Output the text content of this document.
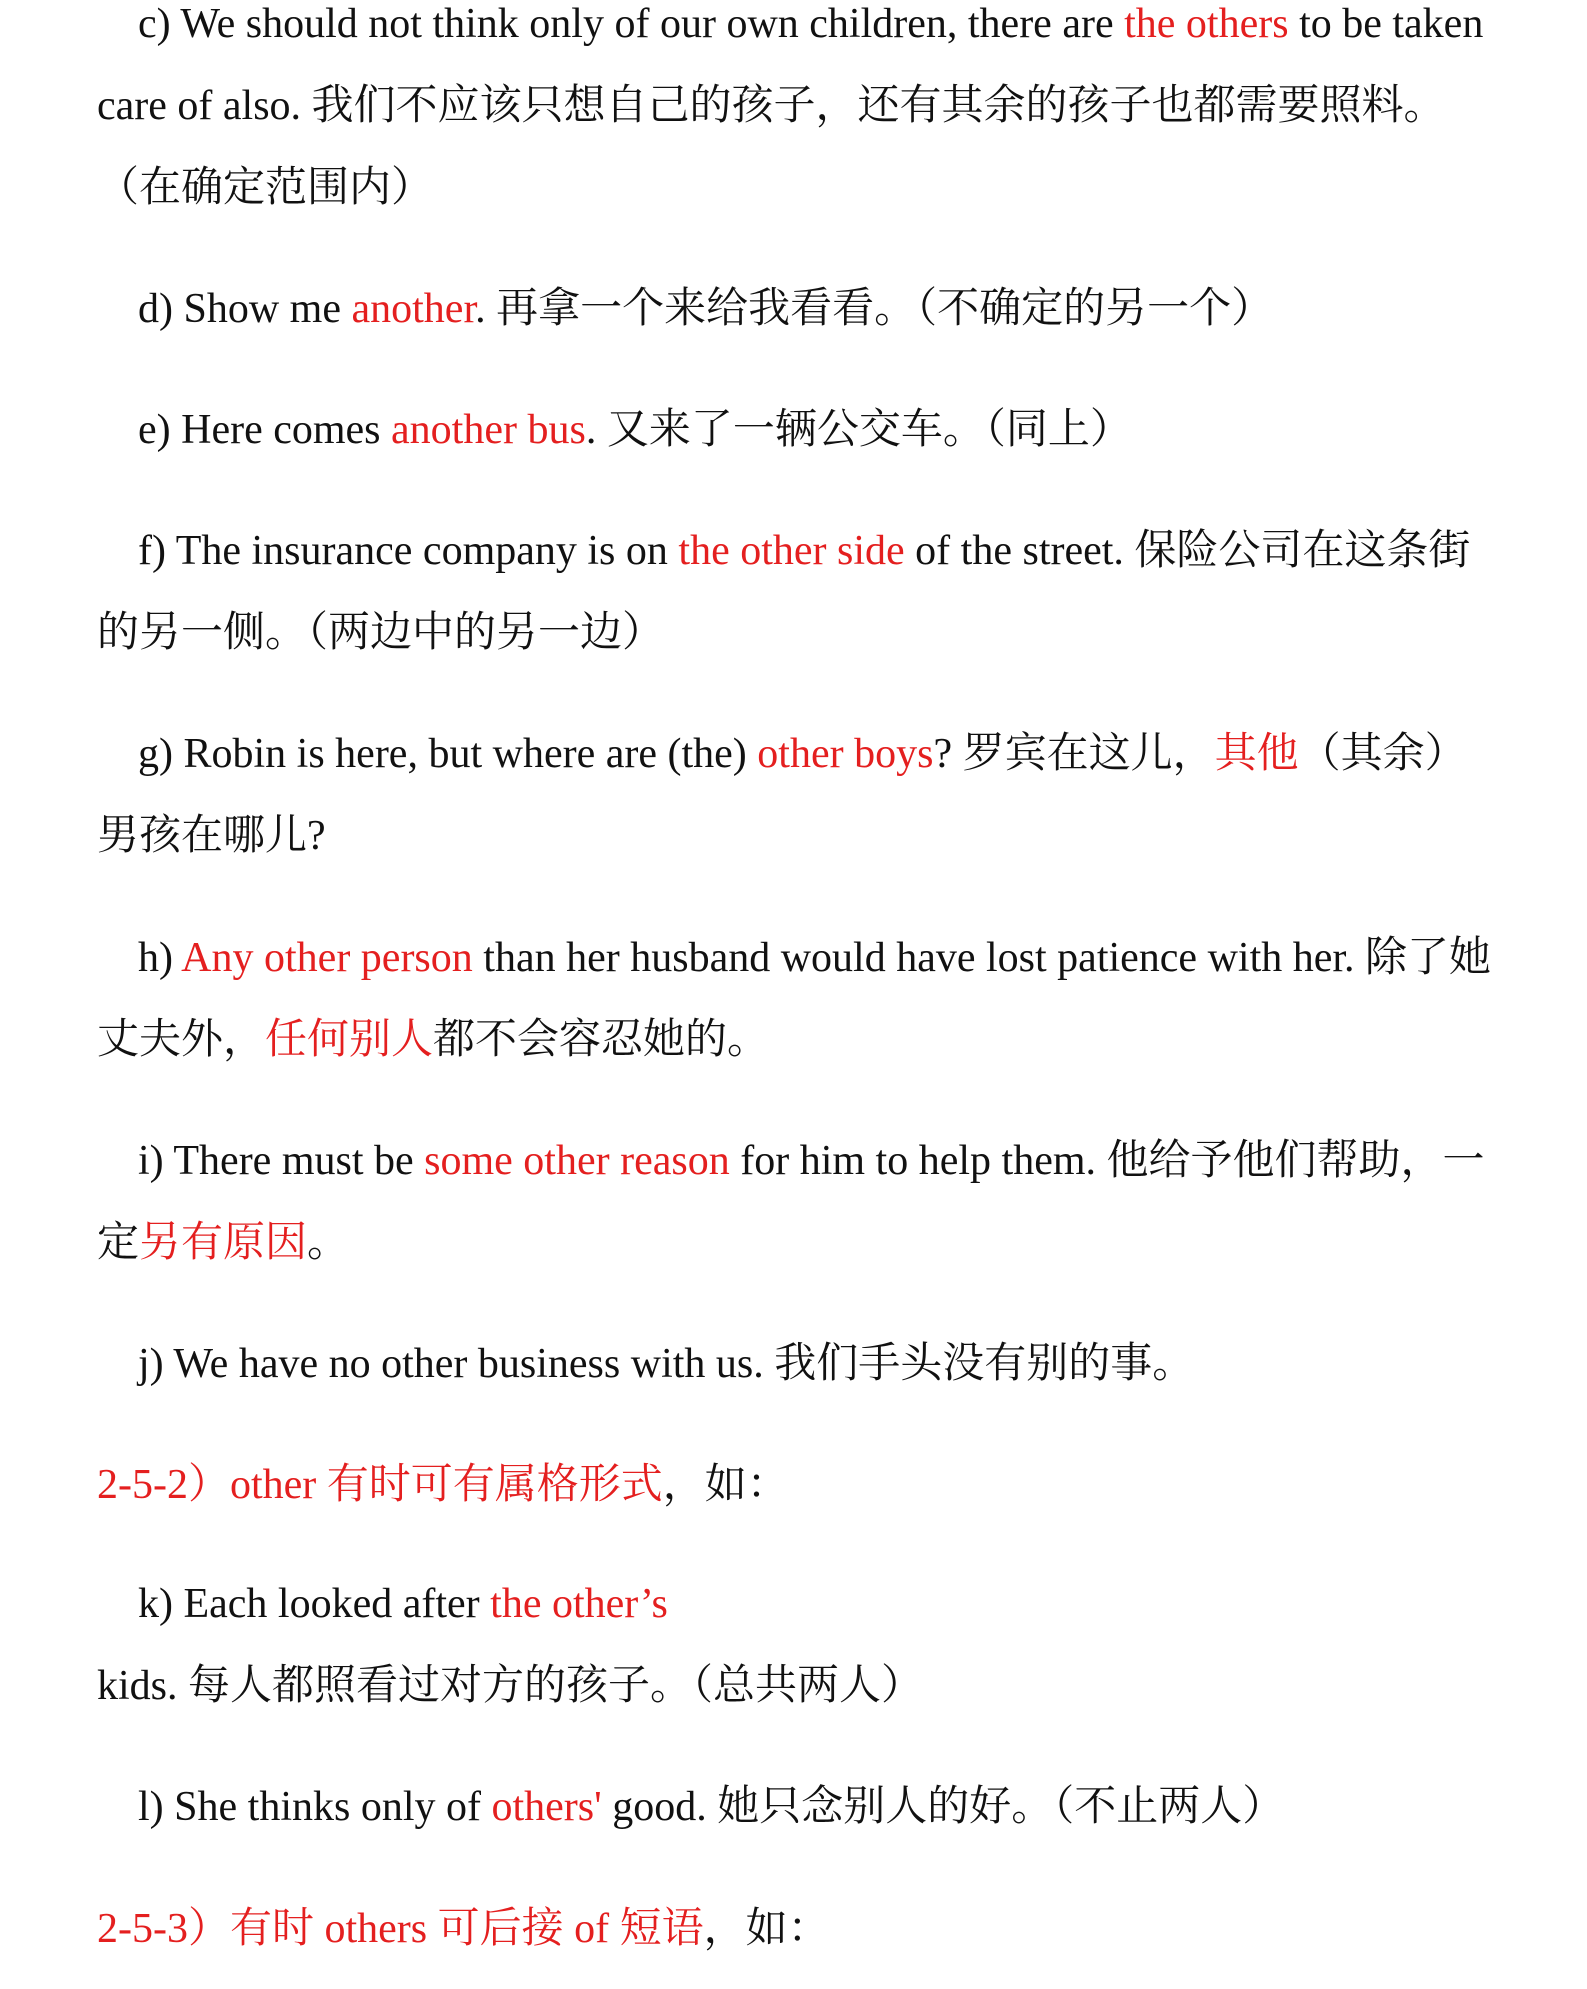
c) We should not think only of our own children, there are the others to be taken care of also. 我们不应该只想自己的孩子，还有其余的孩子也都需要照料。（在确定范围内）

d) Show me another. 再拿一个来给我看看。（不确定的另一个）

e) Here comes another bus. 又来了一辆公交车。（同上）

f) The insurance company is on the other side of the street. 保险公司在这条街的另一侧。（两边中的另一边）

g) Robin is here, but where are (the) other boys? 罗宾在这儿，其他（其余）男孩在哪儿?

h) Any other person than her husband would have lost patience with her. 除了她丈夫外，任何别人都不会容忍她的。

i) There must be some other reason for him to help them. 他给予他们帮助，一定另有原因。

j) We have no other business with us. 我们手头没有别的事。

2-5-2）other 有时可有属格形式，如：

k) Each looked after the other’s kids. 每人都照看过对方的孩子。（总共两人）

l) She thinks only of others' good. 她只念别人的好。（不止两人）

2-5-3）有时 others 可后接 of 短语，如：
